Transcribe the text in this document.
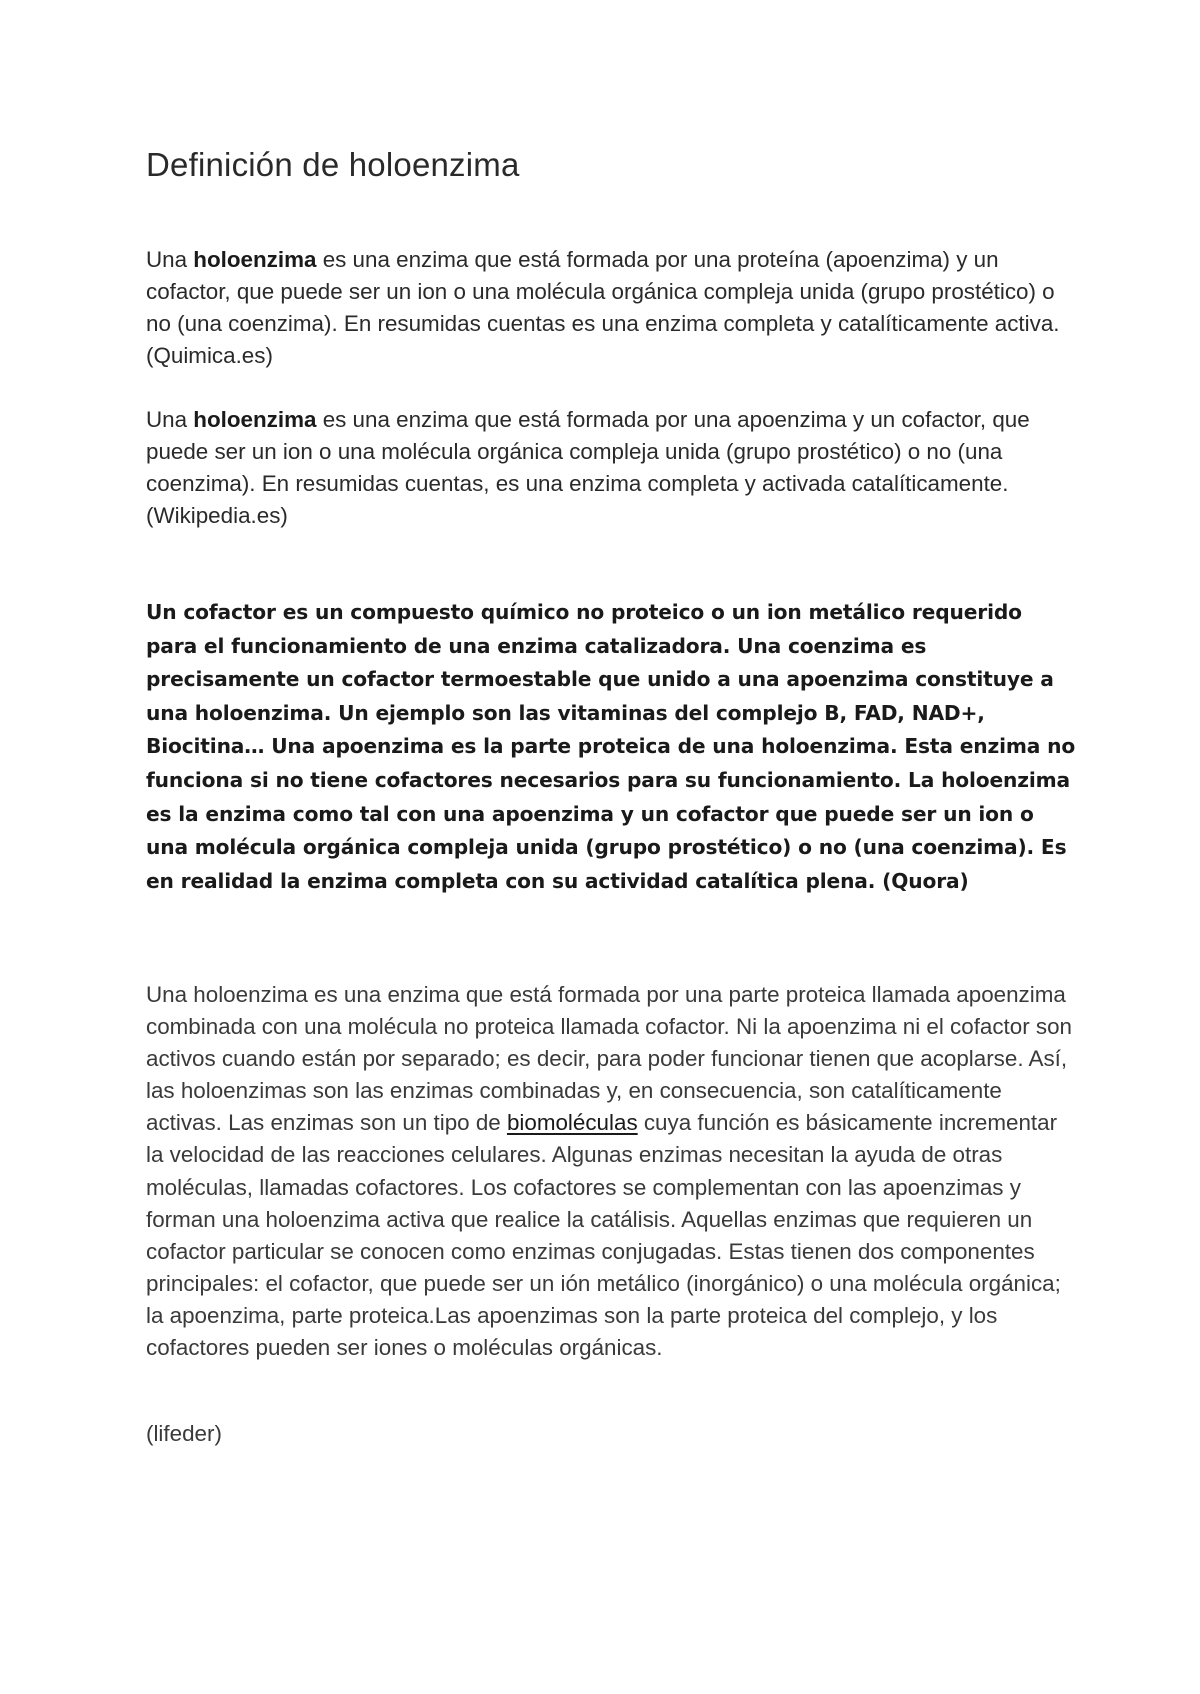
Definición de holoenzima

Una holoenzima es una enzima que está formada por una proteína (apoenzima) y un cofactor, que puede ser un ion o una molécula orgánica compleja unida (grupo prostético) o no (una coenzima). En resumidas cuentas es una enzima completa y catalíticamente activa. (Quimica.es)

Una holoenzima es una enzima que está formada por una apoenzima y un cofactor, que puede ser un ion o una molécula orgánica compleja unida (grupo prostético) o no (una coenzima). En resumidas cuentas, es una enzima completa y activada catalíticamente.
(Wikipedia.es)

Un cofactor es un compuesto químico no proteico o un ion metálico requerido para el funcionamiento de una enzima catalizadora. Una coenzima es precisamente un cofactor termoestable que unido a una apoenzima constituye a una holoenzima. Un ejemplo son las vitaminas del complejo B, FAD, NAD+, Biocitina… Una apoenzima es la parte proteica de una holoenzima. Esta enzima no funciona si no tiene cofactores necesarios para su funcionamiento. La holoenzima es la enzima como tal con una apoenzima y un cofactor que puede ser un ion o una molécula orgánica compleja unida (grupo prostético) o no (una coenzima). Es en realidad la enzima completa con su actividad catalítica plena. (Quora)

Una holoenzima es una enzima que está formada por una parte proteica llamada apoenzima combinada con una molécula no proteica llamada cofactor. Ni la apoenzima ni el cofactor son activos cuando están por separado; es decir, para poder funcionar tienen que acoplarse. Así, las holoenzimas son las enzimas combinadas y, en consecuencia, son catalíticamente activas. Las enzimas son un tipo de biomoléculas cuya función es básicamente incrementar la velocidad de las reacciones celulares. Algunas enzimas necesitan la ayuda de otras moléculas, llamadas cofactores. Los cofactores se complementan con las apoenzimas y forman una holoenzima activa que realice la catálisis. Aquellas enzimas que requieren un cofactor particular se conocen como enzimas conjugadas. Estas tienen dos componentes principales: el cofactor, que puede ser un ión metálico (inorgánico) o una molécula orgánica; la apoenzima, parte proteica.Las apoenzimas son la parte proteica del complejo, y los cofactores pueden ser iones o moléculas orgánicas.

(lifeder)
